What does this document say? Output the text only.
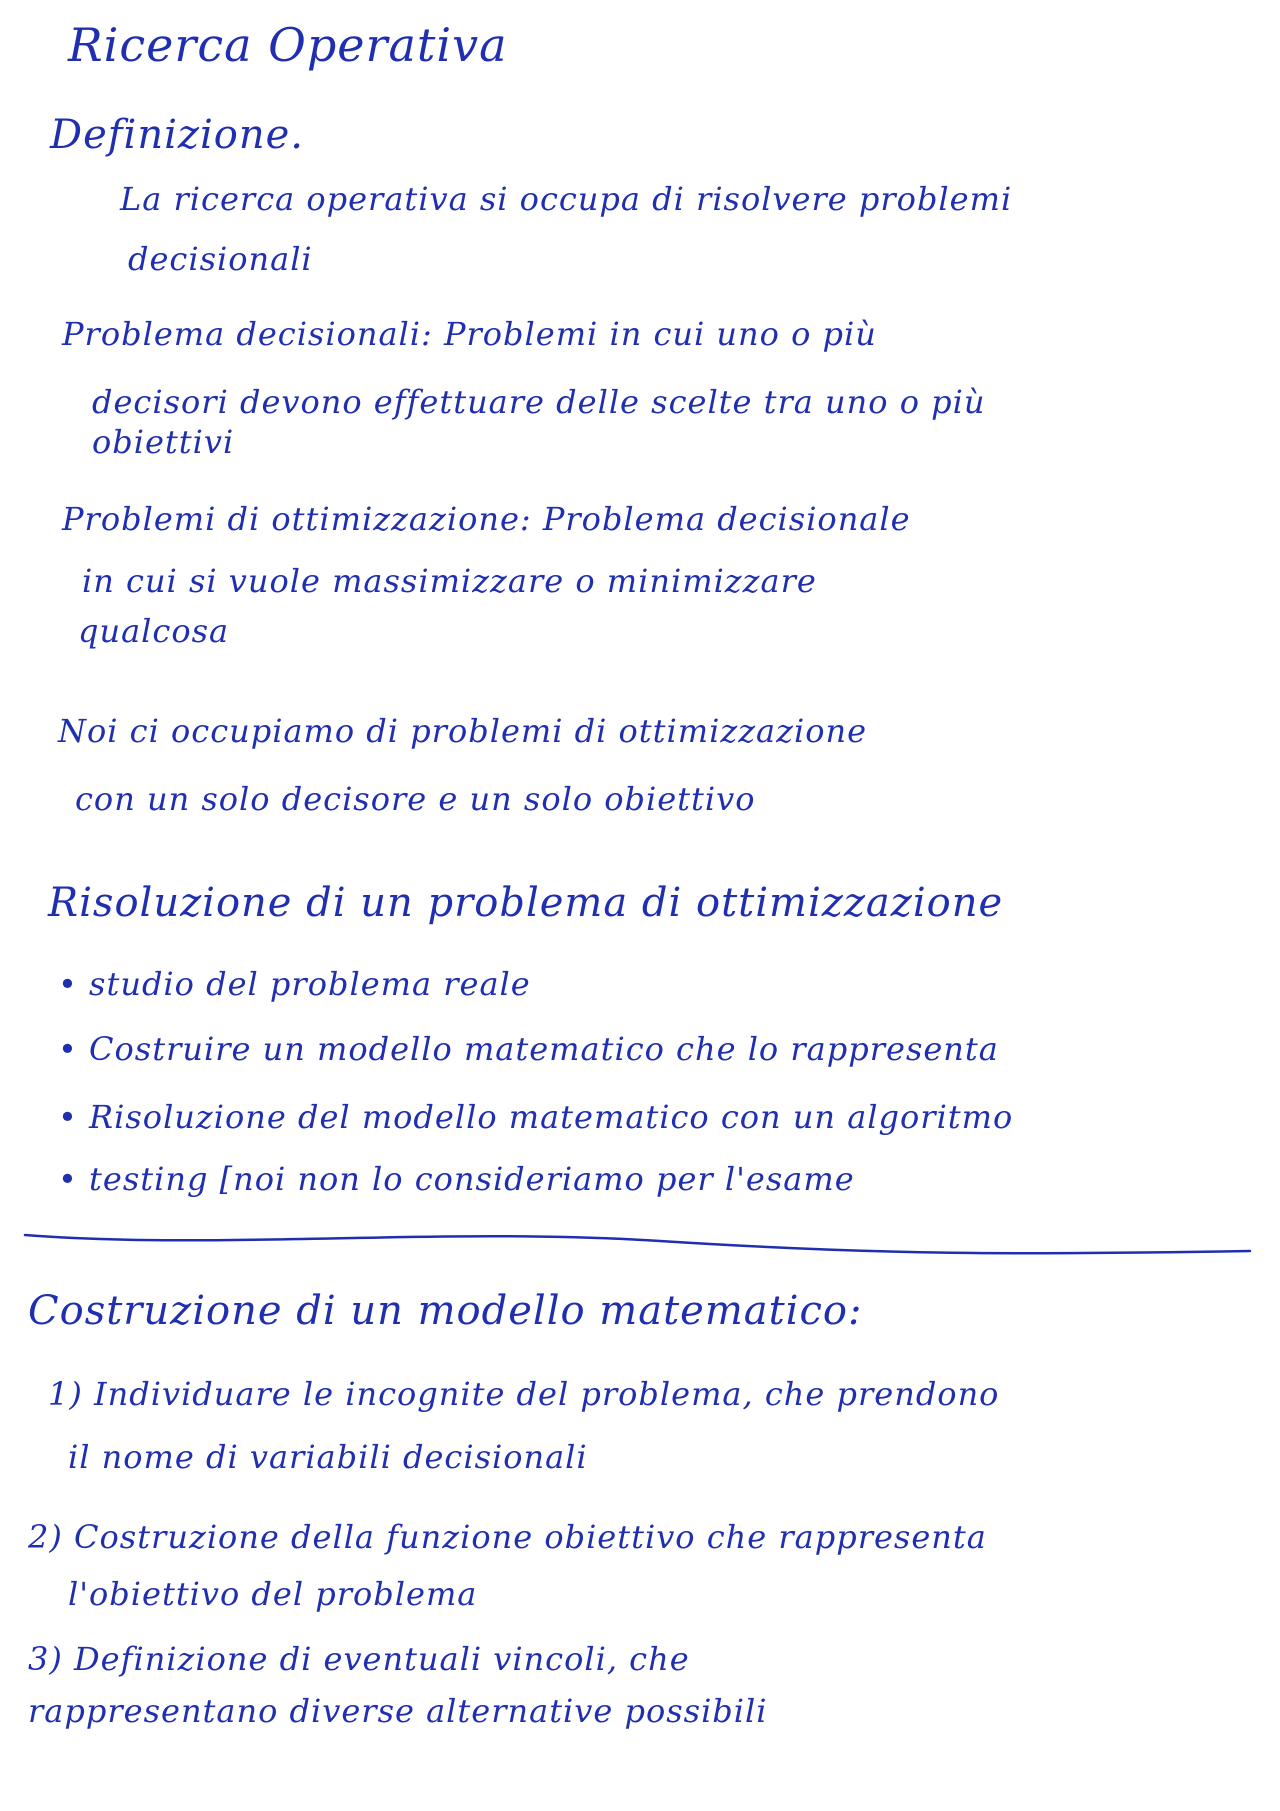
Ricerca Operativa
Definizione.
La ricerca operativa si occupa di risolvere problemi
decisionali
Problema decisionali: Problemi in cui uno o più
decisori devono effettuare delle scelte tra uno o più
obiettivi
Problemi di ottimizzazione: Problema decisionale
in cui si vuole massimizzare o minimizzare
qualcosa
Noi ci occupiamo di problemi di ottimizzazione
con un solo decisore e un solo obiettivo
Risoluzione di un problema di ottimizzazione
• studio del problema reale
• Costruire un modello matematico che lo rappresenta
• Risoluzione del modello matematico con un algoritmo
• testing [noi non lo consideriamo per l'esame
Costruzione di un modello matematico:
1) Individuare le incognite del problema, che prendono
il nome di variabili decisionali
2) Costruzione della funzione obiettivo che rappresenta
l'obiettivo del problema
3) Definizione di eventuali vincoli, che
rappresentano diverse alternative possibili
